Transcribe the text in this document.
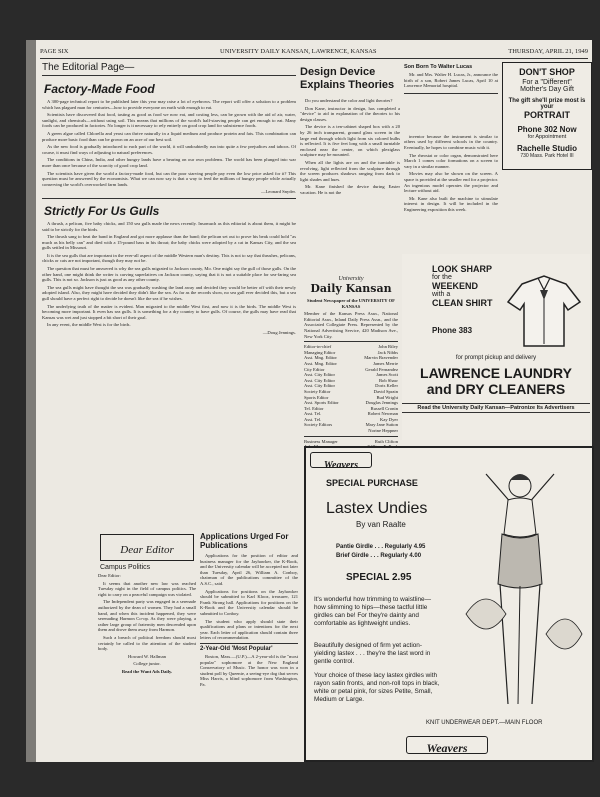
PAGE SIX	UNIVERSITY DAILY KANSAN, LAWRENCE, KANSAS	THURSDAY, APRIL 21, 1949
The Editorial Page—
Factory-Made Food

A 300-page technical report to be published later this year may raise a lot of eyebrows. The report will offer a solution to a problem which has plagued man for centuries—how to provide everyone on earth with enough to eat.

Scientists have discovered that food, tasting as good as food we now eat, and costing less, can be grown with the aid of air, water, sunlight, and chemicals—without using soil. This means that millions of the world's half-starving people can get enough to eat. Many foods can be produced in factories. No longer is it necessary to rely entirely on good crop land for subsistence foods.

A green algae called Chlorella and yeast can thrive naturally in a liquid medium and produce protein and fats. This combination can produce more basic food than can be grown on an acre of our best soil.

As the new food is gradually introduced to each part of the world, it will undoubtedly run into quite a few prejudices and taboos. Of course, it must find ways of adjusting to natural preferences.

The conditions in China, India, and other hungry lands have a bearing on our own problems. The world has been plunged into war more than once because of the scarcity of good crop land.

The scientists have given the world a factory-made food, but can the poor starving people pay even the low price asked for it? This question must be answered by the economists. What we can now say is that a way to feed the millions of hungry people while actually conserving the world's overworked farm lands.

—Leonard Snyder.
Strictly For Us Gulls

A thrush, a pelican, five baby chicks, and 150 sea gulls made the news recently. Insomuch as this editorial is about them, it might be said to be strictly for the birds.

The thrush sang to beat the band in England and got more applause than the band; the pelican set out to prove his beak could hold "as much as his belly can" and died with a 15-pound bass in his throat; the baby chicks were adopted by a cat in Kansas City, and the sea gulls settled in Missouri.

It is the sea gulls that are important in the ever-all aspect of the middle Western man's destiny. This is not to say that thrushes, pelicans, chicks or cats are not important, though they may not be.

The question that must be answered is why the sea gulls migrated to Jackson county, Mo. One might say the gull of those gulls. On the other hand, one might think the writer is carving superlatives on Jackson county, saying that it is not a suitable place for sea-faring sea gulls. This is not so. Jackson is just as good as any other county.

The sea gulls might have thought the sea was gradually washing the land away and decided they would be better off with their newly adopted island. Also, they might have decided they didn't like the sea. As far as the records show, no sea gull ever decided this, but a sea gull should have a perfect right to decide he doesn't like the sea if he wishes.

The underlying truth of the matter is evident. Man migrated to the middle West first, and now it is the birds. The middle West is becoming more important. It even has sea gulls. It is something for a dry country to have gulls. Of course, the gulls may have read that Kansas was wet and just stopped a bit short of their goal.

In any event, the middle West is for the birds.

—Doug Jennings.
Dear Editor
Campus Politics
Dear Editor:

It seems that another new law was reached Tuesday night in the field of campus politics. The right to carry on a peaceful campaign was violated.

The Independent party was engaged in a serenade authorized by the dean of women. They had a small band, and when this incident happened, they were serenading Harmon Co-op. As they were playing, a rather large group of fraternity men descended upon them and drove them away from Harmon.

Such a breach of political freedom should most certainly be called to the attention of the student body.

Howard W. Hallman
College junior.
Read the Want Ads Daily.
Applications Urged For Publications

Applications for the position of editor and business manager for the Jayhawker, the K-Book, and the University calendar will be accepted not later than Tuesday, April 26, William A. Conboy, chairman of the publications committee of the A.S.C., said.

Applications for positions on the Jayhawker should be submitted to Karl Klooz, treasurer, 121 Frank Strong hall. Applications for positions on the K-Book and the University calendar should be submitted to Conboy.

The student who apply should state their qualifications and plans or intentions for the next year. Each letter of application should contain three letters of recommendation.

2-Year-Old 'Most Popular'
Boston, Mass.—(U.P.)—A 2-year-old is the "most popular" sophomore at the New England Conservatory of Music. The honor was won in a student poll by Queenie, a seeing-eye dog that serves Miss Harris, a blind sophomore from Washington, Pa.
Design Device
Explains Theories

Do you understand the color and light theories?

Don Kane, instructor in design, has completed a "device" to aid in explanation of the theories to his design classes.

The device is a ten-cabinet shaped box with a 20 by 26 inch transparent, ground glass screen in the large end through which light from six colored bulbs is reflected. It is five feet long with a small turntable enclosed near the center, on which plexiglass sculpture may be mounted.

When all the lights are on and the turntable is revolving, light reflected from the sculpture through the screen produces shadows ranging from dark to light shades and hues.

Mr. Kane finished the device during Easter vacation. He is not the

Son Born To Walter Lucas
Mr. and Mrs. Walter H. Lucas, Jr., announce the birth of a son, Robert James Lucas, April 10 at Lawrence Memorial hospital.

inventor because the instrument is similar to others used by different schools in the country. Eventually, he hopes to combine music with it.

The rheostat or color organ, demonstrated here March 1 comes color formations on a screen to vary in a similar manner.

Movies may also be shown on the screen. A space is provided at the smaller end for a projector. An ingenious model operates the projector and lecture without aid.

Mr. Kane also built the machine to stimulate interest in design. It will be included in the Engineering exposition this week.

DON'T SHOP
For a "Different"
Mother's Day Gift
The gift she'll prize most is your
PORTRAIT
Phone 302 Now
for Appointment
Rachelle Studio
730 Mass. Park Hotel III
University
Daily Kansan
Student Newspaper of the UNIVERSITY OF KANSAS
Member of the Kansas Press Assn., National Editorial Assn., Inland Daily Press Assn., and the Associated Collegiate Press. Represented by the National Advertising Service, 420 Madison Ave., New York City.
Editor-in-chief	John Riley
Managing Editor	Jack Nibbs
Asst. Mng. Editor	Marvin Bravender
Asst. Mng. Editor	James Merrie
City Editor	Gerald Fernandez
Asst. City Editor	James Scott
Asst. City Editor	Bob Shaw
Asst. City Editor	Doris Keller
Society Editor	David Sprain
Sports Editor	Bud Wright
Asst. Sports Editor	Douglas Jennings
Tel. Editor	Russell Cronin
Asst. Tel.	Robert Newman
Asst. Tel.	Kay Dyer
Society Editors	Mary Jane Sutton
Norine Heppner
Business Manager	Ruth Clifton
LOOK SHARP
for the
WEEKEND
with a
CLEAN SHIRT
Phone 383
for prompt pickup and delivery
LAWRENCE LAUNDRY
and DRY CLEANERS
Read the University Daily Kansan—Patronize Its Advertisers
Weavers
SPECIAL PURCHASE
Lastex Undies
By van Raalte
Pantie Girdle . . . Regularly 4.95
Brief Girdle . . . Regularly 4.00
SPECIAL 2.95
It's wonderful how trimming to waistline—how slimming to hips—these tactful little girdles can be! For they're dainty and comfortable as lightweight undies.
Beautifully designed of firm yet action-yielding lastex . . . they're the last word in gentle control.
Your choice of these lacy lastex girdles with rayon satin fronts, and non-roll tops in black, white or petal pink, for sizes Petite, Small, Medium or Large.
KNIT UNDERWEAR DEPT.—MAIN FLOOR
Weavers
